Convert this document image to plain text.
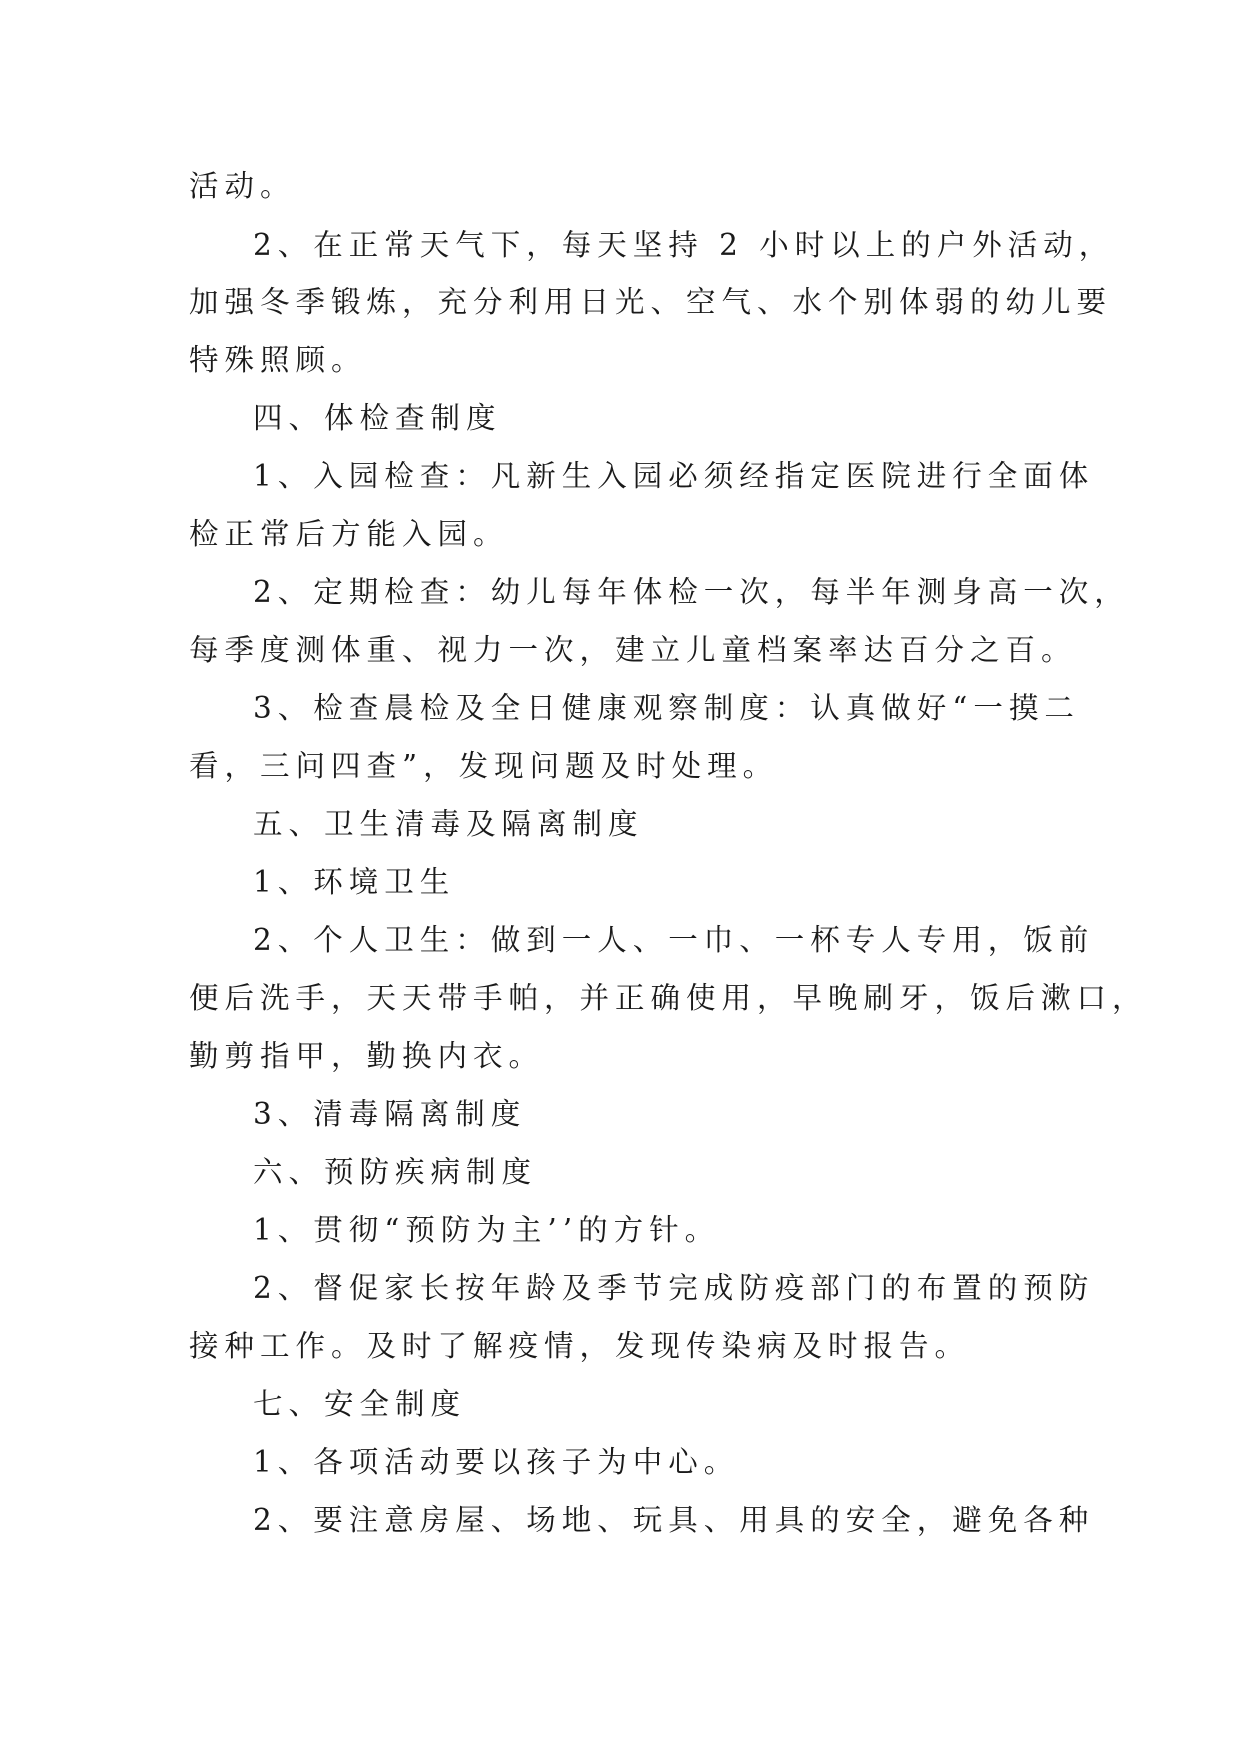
活动。
2、在正常天气下，每天坚持 2 小时以上的户外活动，
加强冬季锻炼，充分利用日光、空气、水个别体弱的幼儿要
特殊照顾。
四、体检查制度
1、入园检查：凡新生入园必须经指定医院进行全面体
检正常后方能入园。
2、定期检查：幼儿每年体检一次，每半年测身高一次，
每季度测体重、视力一次，建立儿童档案率达百分之百。
3、检查晨检及全日健康观察制度：认真做好“一摸二
看，三问四查”，发现问题及时处理。
五、卫生清毒及隔离制度
1、环境卫生
2、个人卫生：做到一人、一巾、一杯专人专用，饭前
便后洗手，天天带手帕，并正确使用，早晚刷牙，饭后漱口，
勤剪指甲，勤换内衣。
3、清毒隔离制度
六、预防疾病制度
1、贯彻“预防为主’’的方针。
2、督促家长按年龄及季节完成防疫部门的布置的预防
接种工作。及时了解疫情，发现传染病及时报告。
七、安全制度
1、各项活动要以孩子为中心。
2、要注意房屋、场地、玩具、用具的安全，避免各种
